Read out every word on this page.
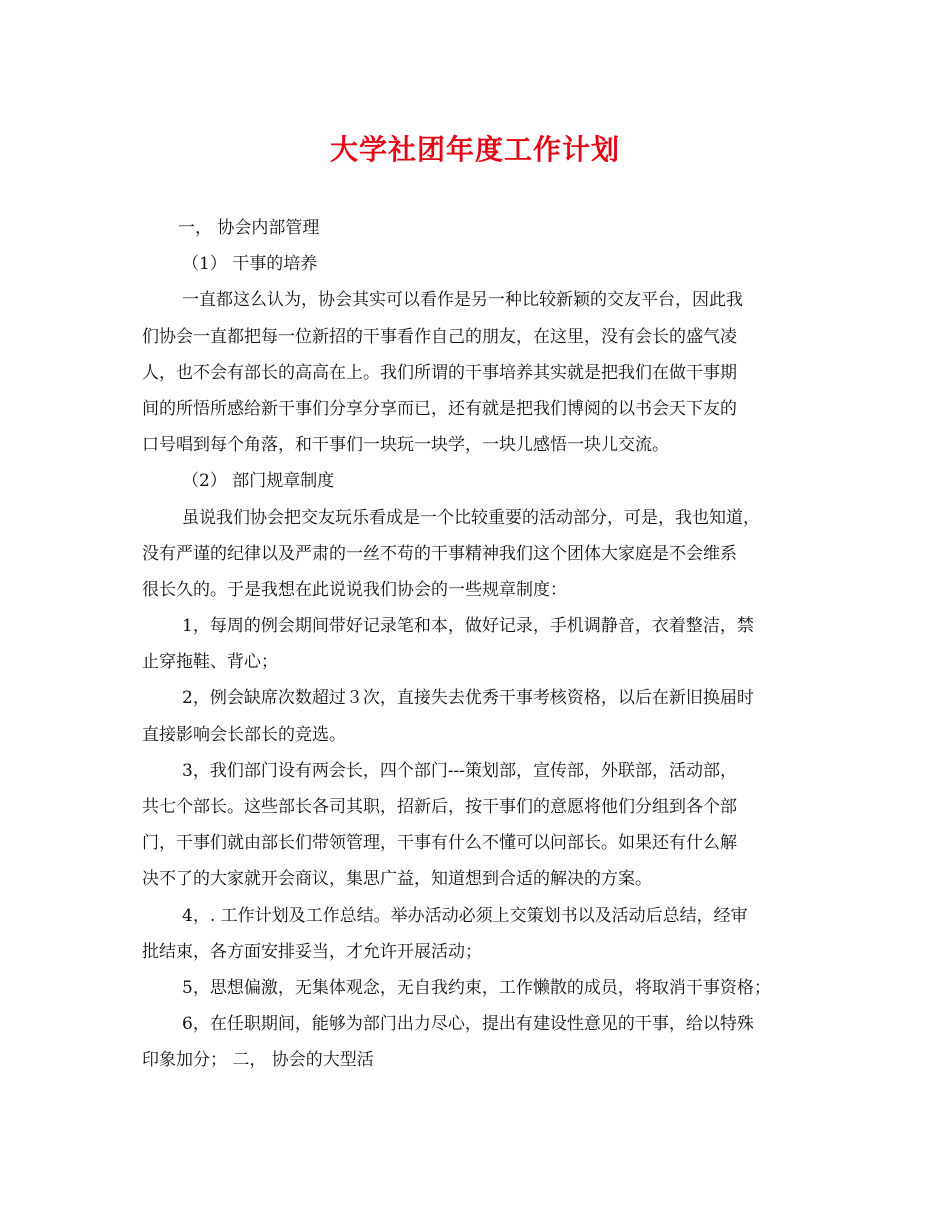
大学社团年度工作计划
一， 协会内部管理
（1） 干事的培养
一直都这么认为，协会其实可以看作是另一种比较新颖的交友平台，因此我
们协会一直都把每一位新招的干事看作自己的朋友，在这里，没有会长的盛气凌
人，也不会有部长的高高在上。我们所谓的干事培养其实就是把我们在做干事期
间的所悟所感给新干事们分享分享而已，还有就是把我们博阅的以书会天下友的
口号唱到每个角落，和干事们一块玩一块学，一块儿感悟一块儿交流。
（2） 部门规章制度
虽说我们协会把交友玩乐看成是一个比较重要的活动部分，可是，我也知道，
没有严谨的纪律以及严肃的一丝不苟的干事精神我们这个团体大家庭是不会维系
很长久的。于是我想在此说说我们协会的一些规章制度：
1，每周的例会期间带好记录笔和本，做好记录，手机调静音，衣着整洁，禁
止穿拖鞋、背心；
2，例会缺席次数超过３次，直接失去优秀干事考核资格，以后在新旧换届时
直接影响会长部长的竞选。
3，我们部门设有两会长，四个部门---策划部，宣传部，外联部，活动部，
共七个部长。这些部长各司其职，招新后，按干事们的意愿将他们分组到各个部
门，干事们就由部长们带领管理，干事有什么不懂可以问部长。如果还有什么解
决不了的大家就开会商议，集思广益，知道想到合适的解决的方案。
4，. 工作计划及工作总结。举办活动必须上交策划书以及活动后总结，经审
批结束，各方面安排妥当，才允许开展活动；
5，思想偏激，无集体观念，无自我约束，工作懒散的成员，将取消干事资格；
6，在任职期间，能够为部门出力尽心，提出有建设性意见的干事，给以特殊
印象加分； 二， 协会的大型活
